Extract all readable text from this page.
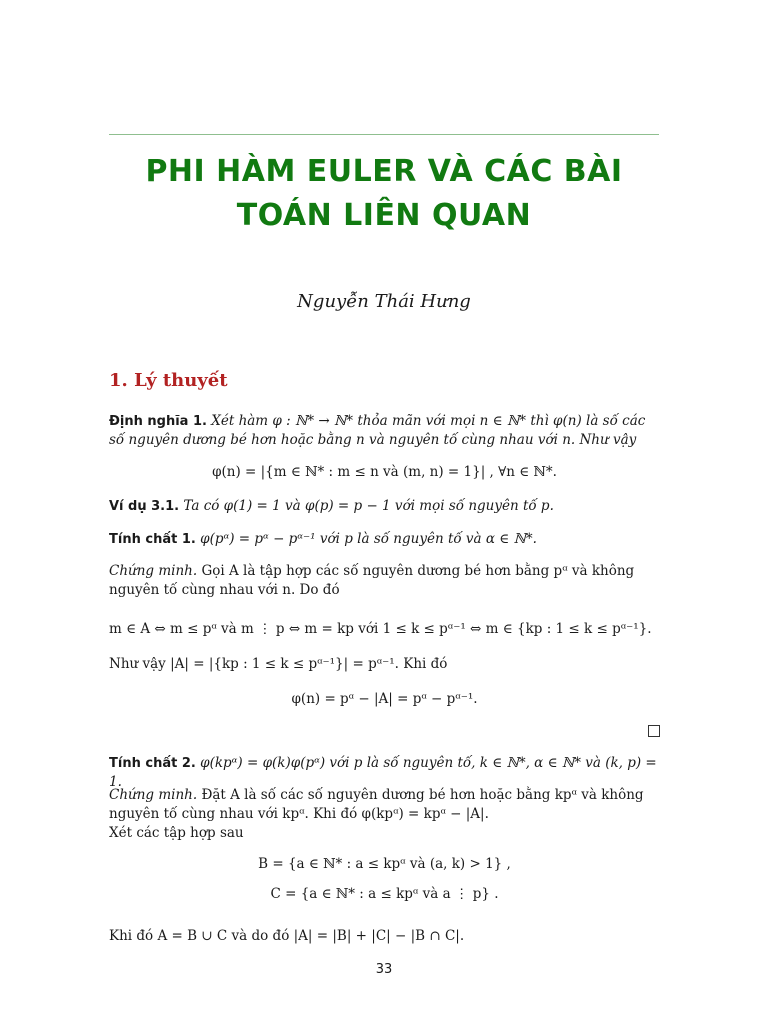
PHI HÀM EULER VÀ CÁC BÀI
TOÁN LIÊN QUAN
Nguyễn Thái Hưng
1. Lý thuyết
Định nghĩa 1. Xét hàm φ : ℕ* → ℕ* thỏa mãn với mọi n ∈ ℕ* thì φ(n) là số các số nguyên dương bé hơn hoặc bằng n và nguyên tố cùng nhau với n. Như vậy
φ(n) = |{m ∈ ℕ* : m ≤ n và (m, n) = 1}| , ∀n ∈ ℕ*.
Ví dụ 3.1. Ta có φ(1) = 1 và φ(p) = p − 1 với mọi số nguyên tố p.
Tính chất 1. φ(pᵅ) = pᵅ − pᵅ⁻¹ với p là số nguyên tố và α ∈ ℕ*.
Chứng minh. Gọi A là tập hợp các số nguyên dương bé hơn bằng pᵅ và không nguyên tố cùng nhau với n. Do đó
m ∈ A ⇔ m ≤ pᵅ và m ⋮ p ⇔ m = kp với 1 ≤ k ≤ pᵅ⁻¹ ⇔ m ∈ {kp : 1 ≤ k ≤ pᵅ⁻¹}.
Như vậy |A| = |{kp : 1 ≤ k ≤ pᵅ⁻¹}| = pᵅ⁻¹. Khi đó
φ(n) = pᵅ − |A| = pᵅ − pᵅ⁻¹.
Tính chất 2. φ(kpᵅ) = φ(k)φ(pᵅ) với p là số nguyên tố, k ∈ ℕ*, α ∈ ℕ* và (k, p) = 1.
Chứng minh. Đặt A là số các số nguyên dương bé hơn hoặc bằng kpᵅ và không nguyên tố cùng nhau với kpᵅ. Khi đó φ(kpᵅ) = kpᵅ − |A|.
Xét các tập hợp sau
B = {a ∈ ℕ* : a ≤ kpᵅ và (a, k) > 1} ,
C = {a ∈ ℕ* : a ≤ kpᵅ và a ⋮ p} .
Khi đó A = B ∪ C và do đó |A| = |B| + |C| − |B ∩ C|.
33
